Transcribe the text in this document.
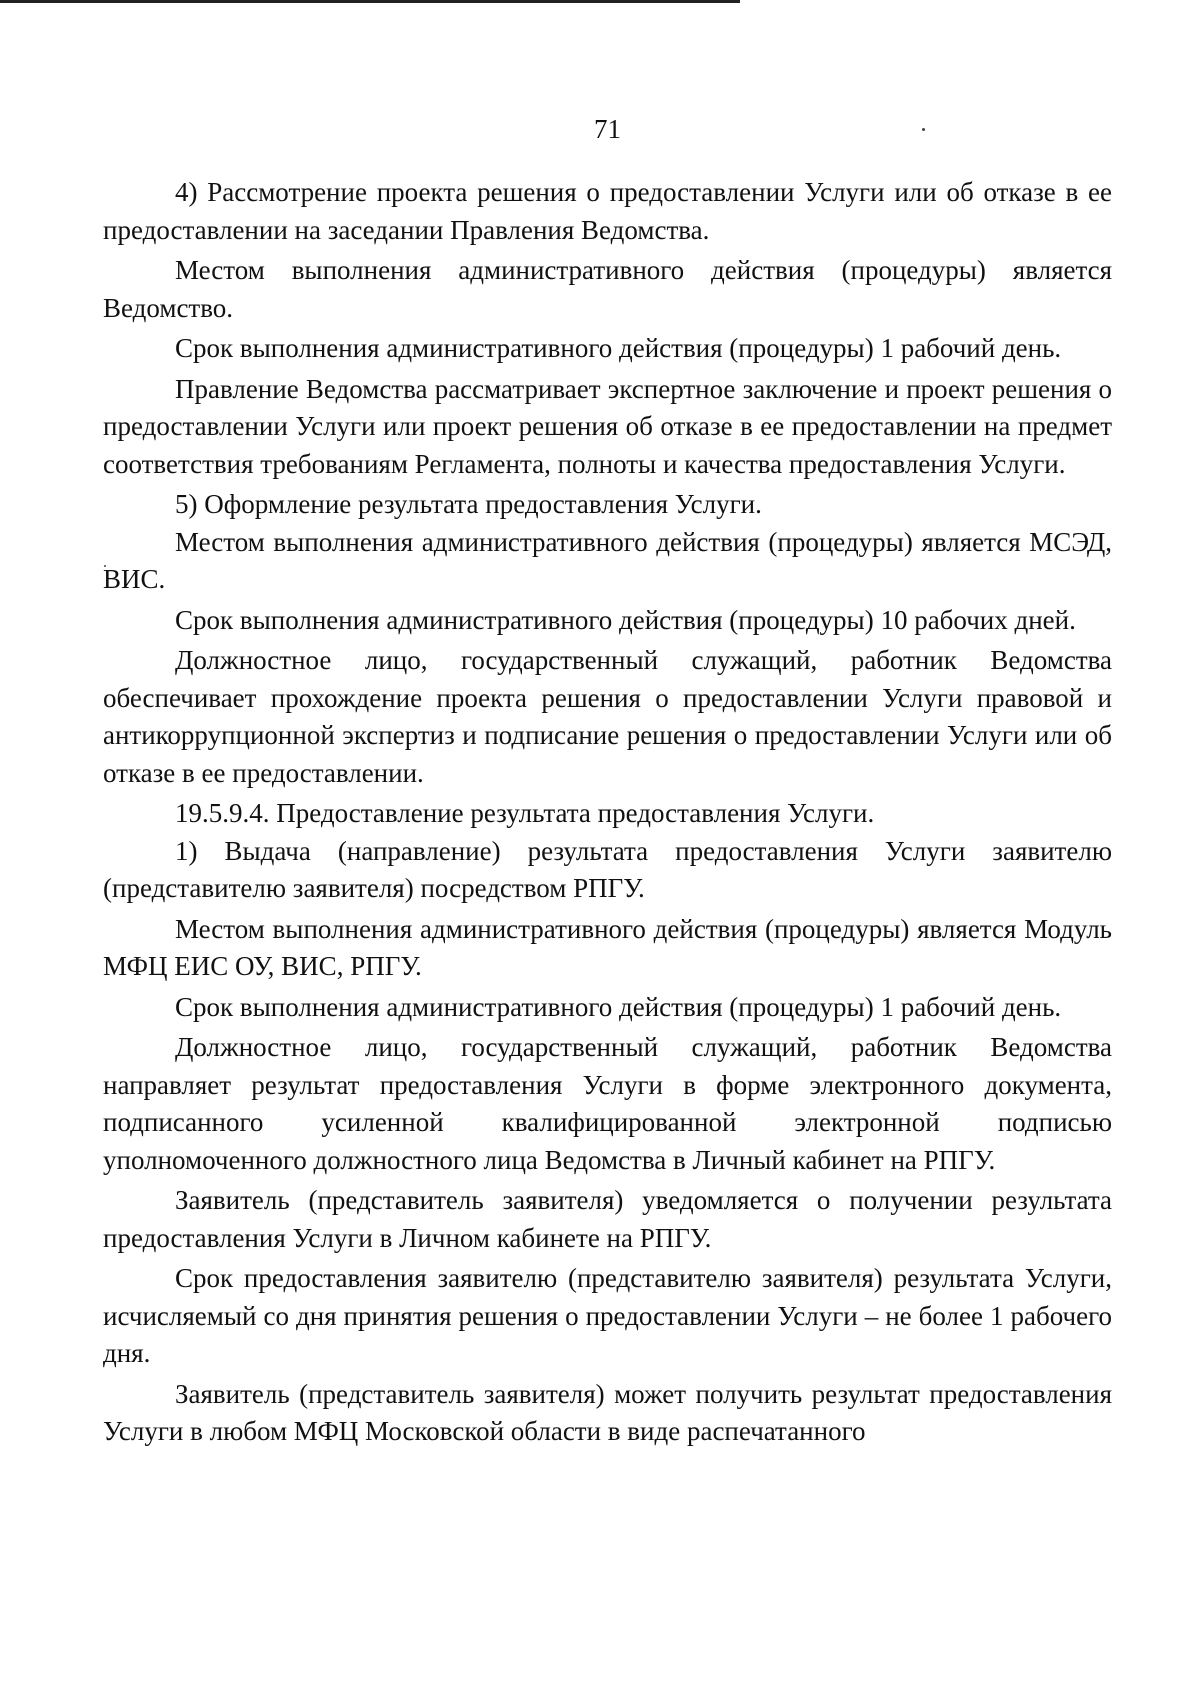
71

4) Рассмотрение проекта решения о предоставлении Услуги или об отказе в ее предоставлении на заседании Правления Ведомства.

Местом выполнения административного действия (процедуры) является Ведомство.

Срок выполнения административного действия (процедуры) 1 рабочий день.

Правление Ведомства рассматривает экспертное заключение и проект решения о предоставлении Услуги или проект решения об отказе в ее предоставлении на предмет соответствия требованиям Регламента, полноты и качества предоставления Услуги.

5) Оформление результата предоставления Услуги.

Местом выполнения административного действия (процедуры) является МСЭД, ВИС.

Срок выполнения административного действия (процедуры) 10 рабочих дней.

Должностное лицо, государственный служащий, работник Ведомства обеспечивает прохождение проекта решения о предоставлении Услуги правовой и антикоррупционной экспертиз и подписание решения о предоставлении Услуги или об отказе в ее предоставлении.

19.5.9.4. Предоставление результата предоставления Услуги.

1) Выдача (направление) результата предоставления Услуги заявителю (представителю заявителя) посредством РПГУ.

Местом выполнения административного действия (процедуры) является Модуль МФЦ ЕИС ОУ, ВИС, РПГУ.

Срок выполнения административного действия (процедуры) 1 рабочий день.

Должностное лицо, государственный служащий, работник Ведомства направляет результат предоставления Услуги в форме электронного документа, подписанного усиленной квалифицированной электронной подписью уполномоченного должностного лица Ведомства в Личный кабинет на РПГУ.

Заявитель (представитель заявителя) уведомляется о получении результата предоставления Услуги в Личном кабинете на РПГУ.

Срок предоставления заявителю (представителю заявителя) результата Услуги, исчисляемый со дня принятия решения о предоставлении Услуги – не более 1 рабочего дня.

Заявитель (представитель заявителя) может получить результат предоставления Услуги в любом МФЦ Московской области в виде распечатанного
